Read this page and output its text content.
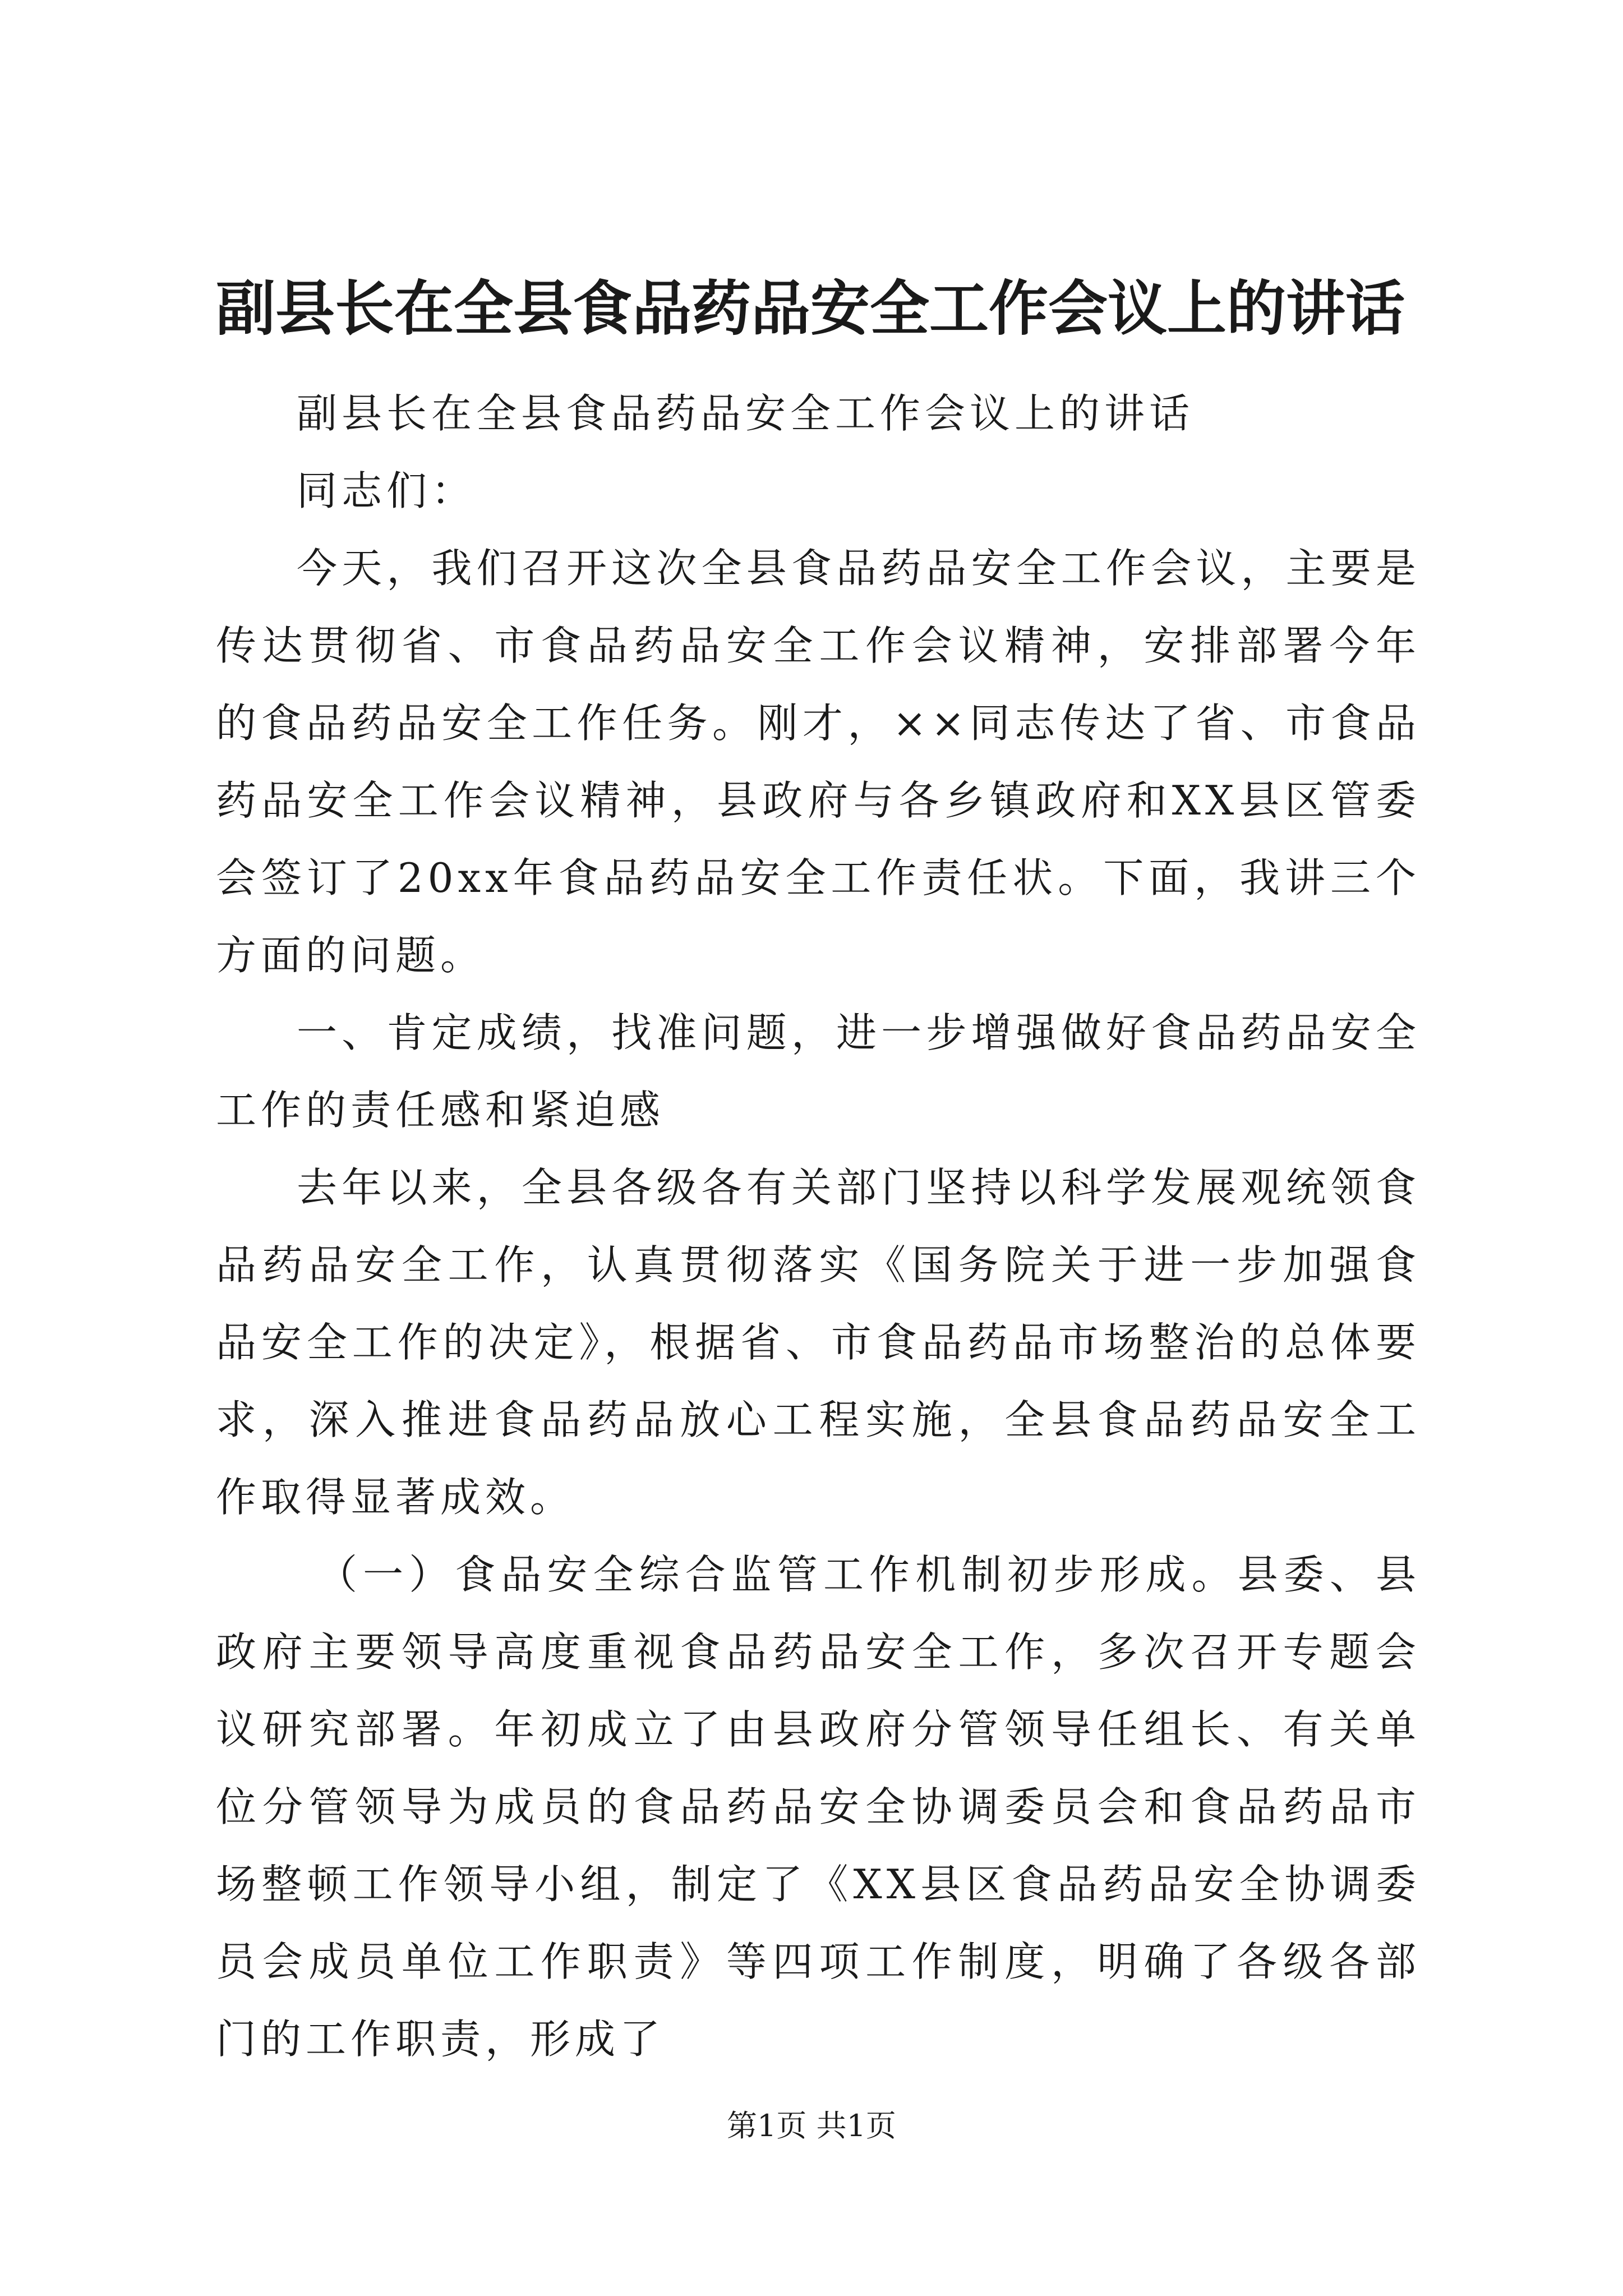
副县长在全县食品药品安全工作会议上的讲话

副县长在全县食品药品安全工作会议上的讲话

同志们：

今天，我们召开这次全县食品药品安全工作会议，主要是传达贯彻省、市食品药品安全工作会议精神，安排部署今年的食品药品安全工作任务。刚才，××同志传达了省、市食品药品安全工作会议精神，县政府与各乡镇政府和XX县区管委会签订了20xx年食品药品安全工作责任状。下面，我讲三个方面的问题。

一、肯定成绩，找准问题，进一步增强做好食品药品安全工作的责任感和紧迫感

去年以来，全县各级各有关部门坚持以科学发展观统领食品药品安全工作，认真贯彻落实《国务院关于进一步加强食品安全工作的决定》，根据省、市食品药品市场整治的总体要求，深入推进食品药品放心工程实施，全县食品药品安全工作取得显著成效。

（一）食品安全综合监管工作机制初步形成。县委、县政府主要领导高度重视食品药品安全工作，多次召开专题会议研究部署。年初成立了由县政府分管领导任组长、有关单位分管领导为成员的食品药品安全协调委员会和食品药品市场整顿工作领导小组，制定了《XX县区食品药品安全协调委员会成员单位工作职责》等四项工作制度，明确了各级各部门的工作职责，形成了

第1页 共1页
